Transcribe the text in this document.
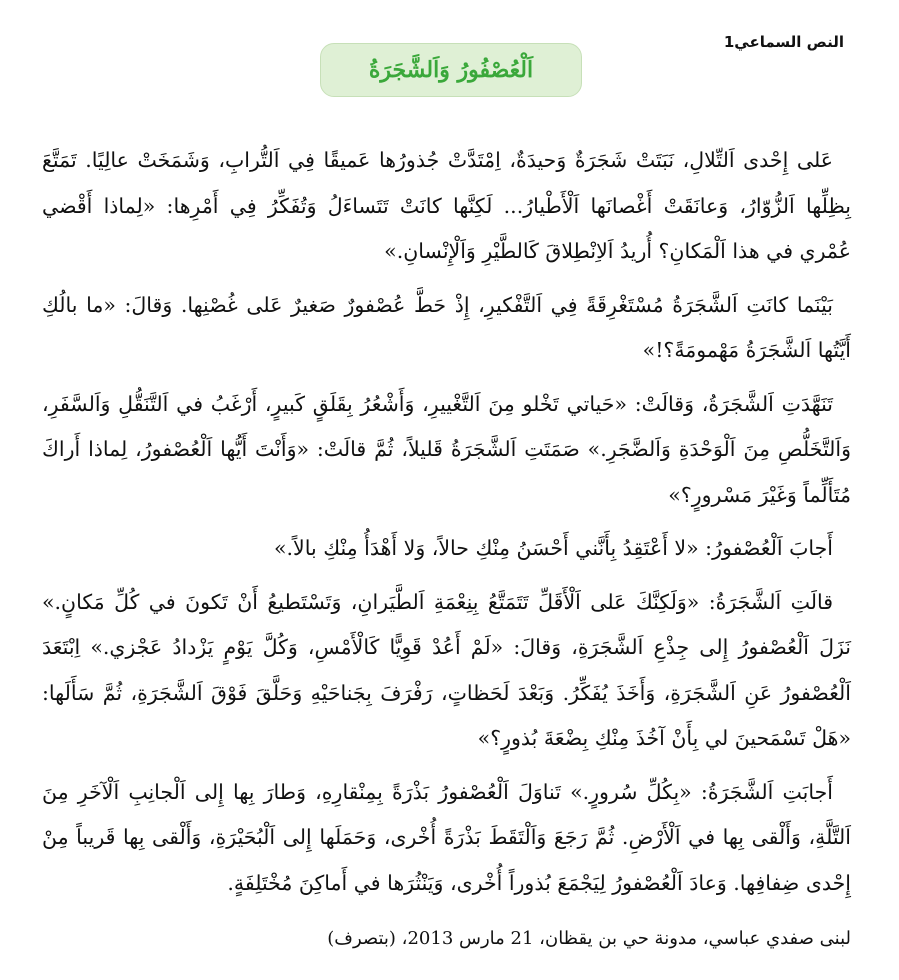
النص السماعي1
اَلْعُصْفُورُ وَاَلشَّجَرَةُ

عَلى إِحْدى اَلتِّلالِ، نَبَتَتْ شَجَرَةٌ وَحيدَةٌ، اِمْتَدَّتْ جُذورُها عَميقًا فِي اَلتُّرابِ، وَشَمَخَتْ عالِيًا. تَمَتَّعَ بِظِلِّها اَلزُّوّارُ، وَعانَقَتْ أَغْصانَها اَلْأَطْيارُ... لَكِنَّها كانَتْ تَتَساءَلُ وَتُفَكِّرُ فِي أَمْرِها: «لِماذا أَقْضي عُمْري في هذا اَلْمَكانِ؟ أُريدُ اَلاِنْطِلاقَ كَالطَّيْرِ وَاَلْإِنْسانِ.»

بَيْنَما كانَتِ اَلشَّجَرَةُ مُسْتَغْرِقَةً فِي اَلتَّفْكيرِ، إِذْ حَطَّ عُصْفورٌ صَغيرٌ عَلى غُصْنِها. وَقالَ: «ما بالُكِ أَيَّتُها اَلشَّجَرَةُ مَهْمومَةً؟!»

تَنَهَّدَتِ اَلشَّجَرَةُ، وَقالَتْ: «حَياتي تَخْلو مِنَ اَلتَّغْييرِ، وَأَشْعُرُ بِقَلَقٍ كَبيرٍ، أَرْغَبُ في اَلتَّنَقُّلِ وَاَلسَّفَرِ، وَاَلتَّخَلُّصِ مِنَ اَلْوَحْدَةِ وَاَلضَّجَرِ.» صَمَتَتِ اَلشَّجَرَةُ قَليلاً، ثُمَّ قالَتْ: «وَأَنْتَ أَيُّها اَلْعُصْفورُ، لِماذا أَراكَ مُتَأَلِّماً وَغَيْرَ مَسْرورٍ؟»

أَجابَ اَلْعُصْفورُ: «لا أَعْتَقِدُ بِأَنَّني أَحْسَنُ مِنْكِ حالاً، وَلا أَهْدَأُ مِنْكِ بالاً.»

قالَتِ اَلشَّجَرَةُ: «وَلَكِنَّكَ عَلى اَلْأَقَلِّ تَتَمَتَّعُ بِنِعْمَةِ اَلطَّيَرانِ، وَتَسْتَطيعُ أَنْ تَكونَ في كُلِّ مَكانٍ.» نَزَلَ اَلْعُصْفورُ إِلى جِذْعِ اَلشَّجَرَةِ، وَقالَ: «لَمْ أَعُدْ قَوِيًّا كَالْأَمْسِ، وَكُلَّ يَوْمٍ يَزْدادُ عَجْزي.» اِبْتَعَدَ اَلْعُصْفورُ عَنِ اَلشَّجَرَةِ، وَأَخَذَ يُفَكِّرُ. وَبَعْدَ لَحَظاتٍ، رَفْرَفَ بِجَناحَيْهِ وَحَلَّقَ فَوْقَ اَلشَّجَرَةِ، ثُمَّ سَأَلَها: «هَلْ تَسْمَحينَ لي بِأَنْ آخُذَ مِنْكِ بِضْعَةَ بُذورٍ؟»

أَجابَتِ اَلشَّجَرَةُ: «بِكُلِّ سُرورٍ.» تَناوَلَ اَلْعُصْفورُ بَذْرَةً بِمِنْقارِهِ، وَطارَ بِها إِلى اَلْجانِبِ اَلْآخَرِ مِنَ اَلتَّلَّةِ، وَأَلْقى بِها في اَلْأَرْضِ. ثُمَّ رَجَعَ وَاَلْتَقَطَ بَذْرَةً أُخْرى، وَحَمَلَها إِلى اَلْبُحَيْرَةِ، وَأَلْقى بِها قَريباً مِنْ إِحْدى ضِفافِها. وَعادَ اَلْعُصْفورُ لِيَجْمَعَ بُذوراً أُخْرى، وَيَنْثُرَها في أَماكِنَ مُخْتَلِفَةٍ.

لبنى صفدي عباسي، مدونة حي بن يقظان، 21 مارس 2013، (بتصرف)
